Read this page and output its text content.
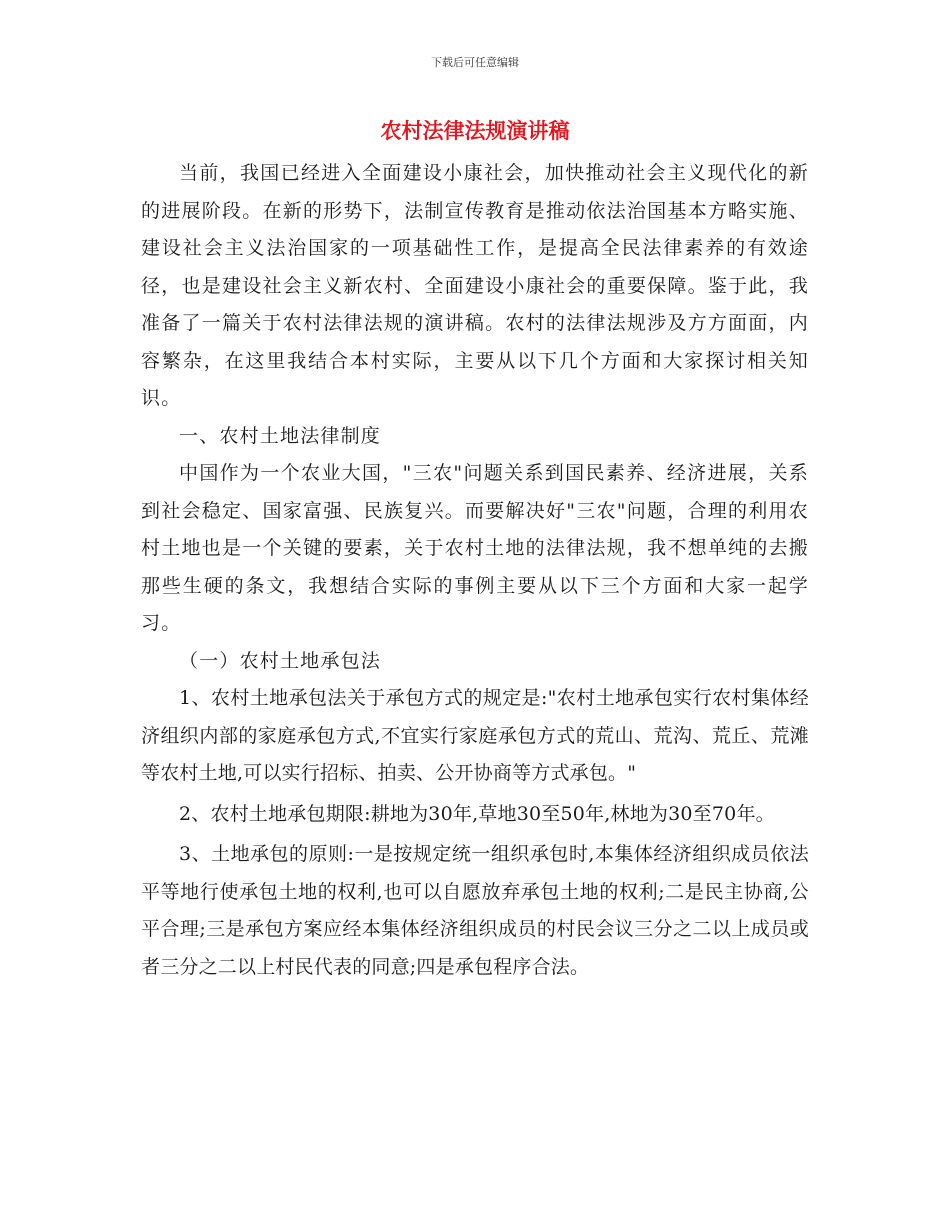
下载后可任意编辑
农村法律法规演讲稿

当前，我国已经进入全面建设小康社会，加快推动社会主义现代化的新的进展阶段。在新的形势下，法制宣传教育是推动依法治国基本方略实施、建设社会主义法治国家的一项基础性工作，是提高全民法律素养的有效途径，也是建设社会主义新农村、全面建设小康社会的重要保障。鉴于此，我准备了一篇关于农村法律法规的演讲稿。农村的法律法规涉及方方面面，内容繁杂，在这里我结合本村实际，主要从以下几个方面和大家探讨相关知识。

一、农村土地法律制度

中国作为一个农业大国，"三农"问题关系到国民素养、经济进展，关系到社会稳定、国家富强、民族复兴。而要解决好"三农"问题，合理的利用农村土地也是一个关键的要素，关于农村土地的法律法规，我不想单纯的去搬那些生硬的条文，我想结合实际的事例主要从以下三个方面和大家一起学习。

（一）农村土地承包法

1、农村土地承包法关于承包方式的规定是:"农村土地承包实行农村集体经济组织内部的家庭承包方式,不宜实行家庭承包方式的荒山、荒沟、荒丘、荒滩等农村土地,可以实行招标、拍卖、公开协商等方式承包。"

2、农村土地承包期限:耕地为30年,草地30至50年,林地为30至70年。

3、土地承包的原则:一是按规定统一组织承包时,本集体经济组织成员依法平等地行使承包土地的权利,也可以自愿放弃承包土地的权利;二是民主协商,公平合理;三是承包方案应经本集体经济组织成员的村民会议三分之二以上成员或者三分之二以上村民代表的同意;四是承包程序合法。
